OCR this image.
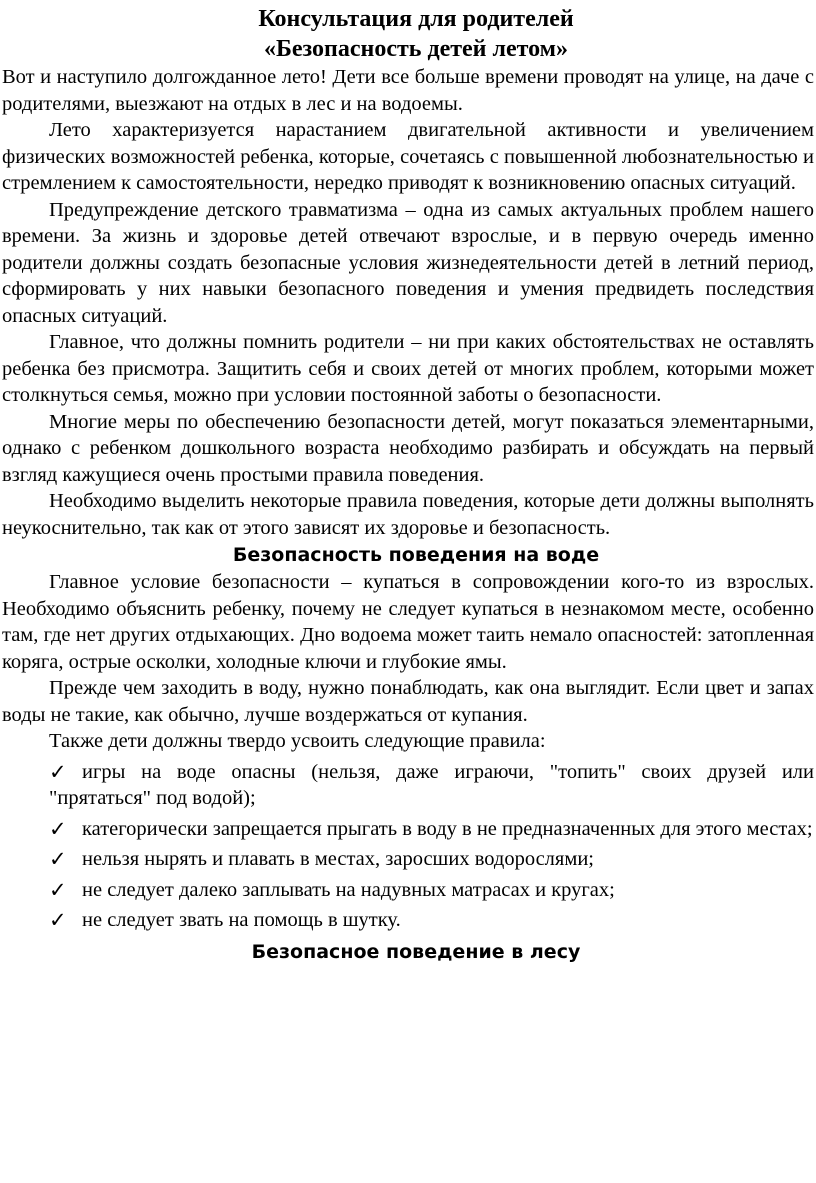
Консультация для родителей
«Безопасность детей летом»

Вот и наступило долгожданное лето! Дети все больше времени проводят на улице, на даче с родителями, выезжают на отдых в лес и на водоемы.

Лето характеризуется нарастанием двигательной активности и увеличением физических возможностей ребенка, которые, сочетаясь с повышенной любознательностью и стремлением к самостоятельности, нередко приводят к возникновению опасных ситуаций.

Предупреждение детского травматизма – одна из самых актуальных проблем нашего времени. За жизнь и здоровье детей отвечают взрослые, и в первую очередь именно родители должны создать безопасные условия жизнедеятельности детей в летний период, сформировать у них навыки безопасного поведения и умения предвидеть последствия опасных ситуаций.

Главное, что должны помнить родители – ни при каких обстоятельствах не оставлять ребенка без присмотра. Защитить себя и своих детей от многих проблем, которыми может столкнуться семья, можно при условии постоянной заботы о безопасности.

Многие меры по обеспечению безопасности детей, могут показаться элементарными, однако с ребенком дошкольного возраста необходимо разбирать и обсуждать на первый взгляд кажущиеся очень простыми правила поведения.

Необходимо выделить некоторые правила поведения, которые дети должны выполнять неукоснительно, так как от этого зависят их здоровье и безопасность.

Безопасность поведения на воде

Главное условие безопасности – купаться в сопровождении кого-то из взрослых. Необходимо объяснить ребенку, почему не следует купаться в незнакомом месте, особенно там, где нет других отдыхающих. Дно водоема может таить немало опасностей: затопленная коряга, острые осколки, холодные ключи и глубокие ямы.

Прежде чем заходить в воду, нужно понаблюдать, как она выглядит. Если цвет и запах воды не такие, как обычно, лучше воздержаться от купания.

Также дети должны твердо усвоить следующие правила:

✓ игры на воде опасны (нельзя, даже играючи, "топить" своих друзей или "прятаться" под водой);
✓ категорически запрещается прыгать в воду в не предназначенных для этого местах;
✓ нельзя нырять и плавать в местах, заросших водорослями;
✓ не следует далеко заплывать на надувных матрасах и кругах;
✓ не следует звать на помощь в шутку.
Безопасное поведение в лесу
